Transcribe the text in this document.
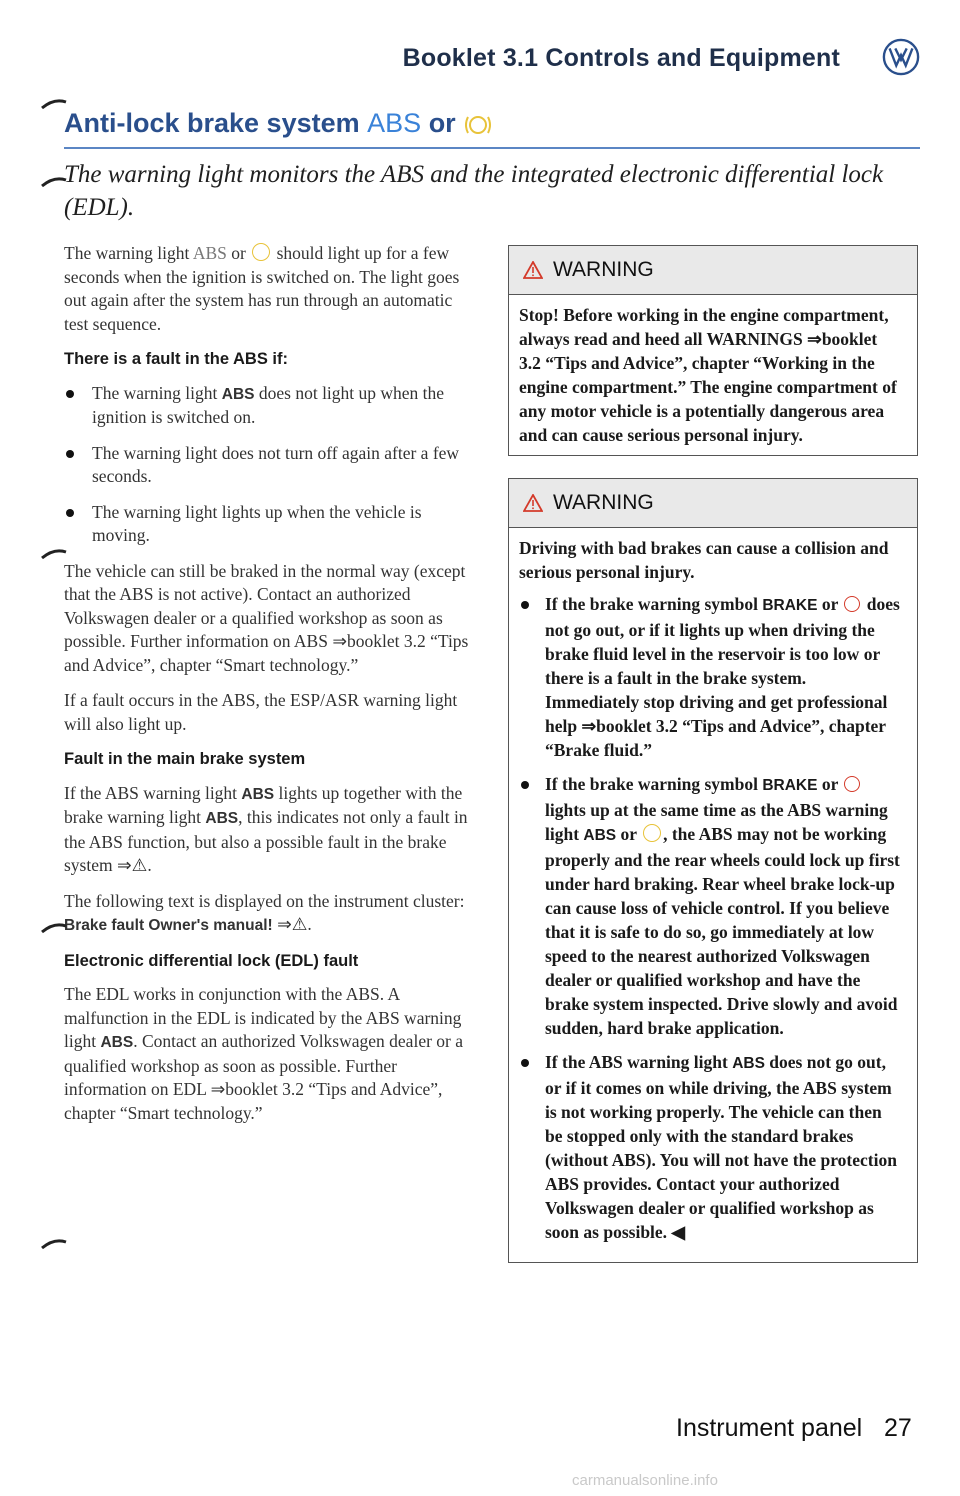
Booklet 3.1 Controls and Equipment
Anti-lock brake system ABS or
The warning light monitors the ABS and the integrated electronic differential lock (EDL).

The warning light ABS or should light up for a few seconds when the ignition is switched on. The light goes out again after the system has run through an automatic test sequence.

There is a fault in the ABS if:
The warning light ABS does not light up when the ignition is switched on.
The warning light does not turn off again after a few seconds.
The warning light lights up when the vehicle is moving.

The vehicle can still be braked in the normal way (except that the ABS is not active). Contact an authorized Volkswagen dealer or a qualified workshop as soon as possible. Further information on ABS ⇒booklet 3.2 “Tips and Advice”, chapter “Smart technology.”

If a fault occurs in the ABS, the ESP/ASR warning light will also light up.

Fault in the main brake system

If the ABS warning light ABS lights up together with the brake warning light ABS, this indicates not only a fault in the ABS function, but also a possible fault in the brake system ⇒⚠.

The following text is displayed on the instrument cluster: Brake fault Owner's manual! ⇒⚠.

Electronic differential lock (EDL) fault

The EDL works in conjunction with the ABS. A malfunction in the EDL is indicated by the ABS warning light ABS. Contact an authorized Volkswagen dealer or a qualified workshop as soon as possible. Further information on EDL ⇒booklet 3.2 “Tips and Advice”, chapter “Smart technology.”

WARNING
Stop! Before working in the engine compartment, always read and heed all WARNINGS ⇒booklet 3.2 “Tips and Advice”, chapter “Working in the engine compartment.” The engine compartment of any motor vehicle is a potentially dangerous area and can cause serious personal injury.
WARNING

Driving with bad brakes can cause a collision and serious personal injury.

If the brake warning symbol BRAKE or does not go out, or if it lights up when driving the brake fluid level in the reservoir is too low or there is a fault in the brake system. Immediately stop driving and get professional help ⇒booklet 3.2 “Tips and Advice”, chapter “Brake fluid.”
If the brake warning symbol BRAKE or  lights up at the same time as the ABS warning light ABS or , the ABS may not be working properly and the rear wheels could lock up first under hard braking. Rear wheel brake lock-up can cause loss of vehicle control. If you believe that it is safe to do so, go immediately at low speed to the nearest authorized Volkswagen dealer or qualified workshop and have the brake system inspected. Drive slowly and avoid sudden, hard brake application.
If the ABS warning light ABS does not go out, or if it comes on while driving, the ABS system is not working properly. The vehicle can then be stopped only with the standard brakes (without ABS). You will not have the protection ABS provides. Contact your authorized Volkswagen dealer or qualified workshop as soon as possible. ◀
Instrument panel 27
carmanualsonline.info
